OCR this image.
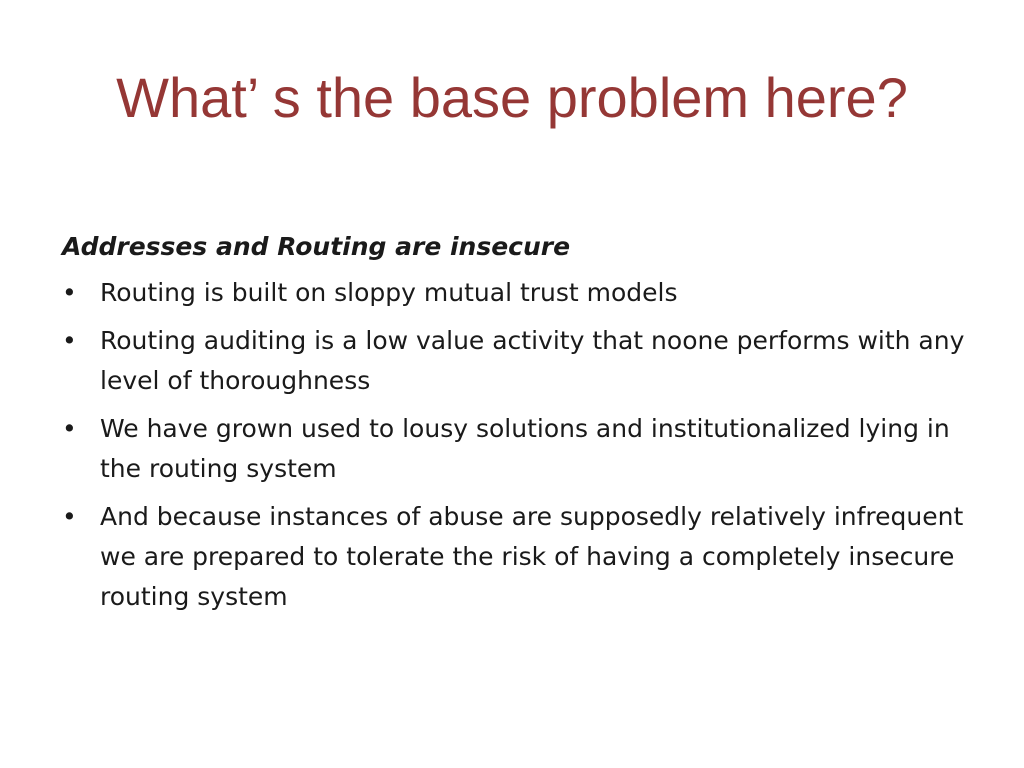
What’ s the base problem here?
Addresses and Routing are insecure
• Routing is built on sloppy mutual trust models
• Routing auditing is a low value activity that noone performs with any level of thoroughness
• We have grown used to lousy solutions and institutionalized lying in the routing system
• And because instances of abuse are supposedly relatively infrequent we are prepared to tolerate the risk of having a completely insecure routing system
